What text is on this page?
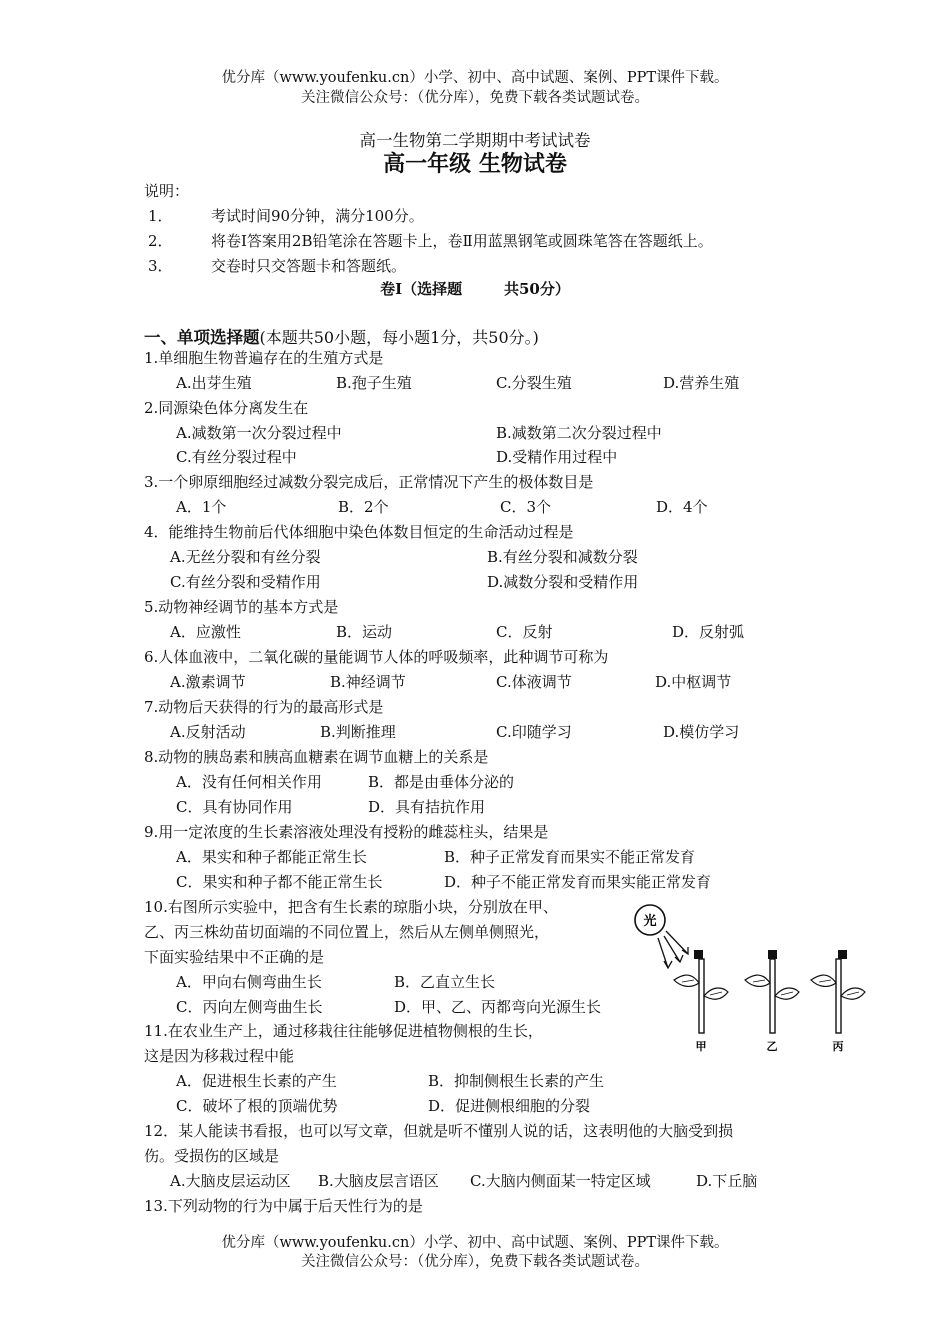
优分库（www.youfenku.cn）小学、初中、高中试题、案例、PPT课件下载。
关注微信公众号：（优分库），免费下载各类试题试卷。
高一生物第二学期期中考试试卷
高一年级 生物试卷
说明：
1．	考试时间90分钟，满分100分。
2．	将卷Ⅰ答案用2B铅笔涂在答题卡上，卷Ⅱ用蓝黑钢笔或圆珠笔答在答题纸上。
3．	交卷时只交答题卡和答题纸。
卷Ⅰ（选择题        共50分）
一、单项选择题(本题共50小题，每小题1分，共50分。)
1.单细胞生物普遍存在的生殖方式是
A.出芽生殖	B.孢子生殖	C.分裂生殖	D.营养生殖
2.同源染色体分离发生在
A.减数第一次分裂过程中	B.减数第二次分裂过程中
C.有丝分裂过程中	D.受精作用过程中
3.一个卵原细胞经过减数分裂完成后，正常情况下产生的极体数目是
A．1个	B．2个	C．3个	D．4个
4．能维持生物前后代体细胞中染色体数目恒定的生命活动过程是
A.无丝分裂和有丝分裂	B.有丝分裂和减数分裂
C.有丝分裂和受精作用	D.减数分裂和受精作用
5.动物神经调节的基本方式是
A．应激性	B．运动	C．反射	D．反射弧
6.人体血液中，二氧化碳的量能调节人体的呼吸频率，此种调节可称为
A.激素调节	B.神经调节	C.体液调节	D.中枢调节
7.动物后天获得的行为的最高形式是
A.反射活动	B.判断推理	C.印随学习	D.模仿学习
8.动物的胰岛素和胰高血糖素在调节血糖上的关系是
A．没有任何相关作用	B．都是由垂体分泌的
C．具有协同作用	D．具有拮抗作用
9.用一定浓度的生长素溶液处理没有授粉的雌蕊柱头，结果是
A．果实和种子都能正常生长	B．种子正常发育而果实不能正常发育
C．果实和种子都不能正常生长	D．种子不能正常发育而果实能正常发育
10.右图所示实验中，把含有生长素的琼脂小块，分别放在甲、
乙、丙三株幼苗切面端的不同位置上，然后从左侧单侧照光，
下面实验结果中不正确的是
A．甲向右侧弯曲生长	B．乙直立生长
C．丙向左侧弯曲生长	D．甲、乙、丙都弯向光源生长
光
甲	乙	丙
11.在农业生产上，通过移栽往往能够促进植物侧根的生长，
这是因为移栽过程中能
A．促进根生长素的产生	B．抑制侧根生长素的产生
C．破坏了根的顶端优势	D．促进侧根细胞的分裂
12．某人能读书看报，也可以写文章，但就是听不懂别人说的话，这表明他的大脑受到损
伤。受损伤的区域是
A.大脑皮层运动区 B.大脑皮层言语区 C.大脑内侧面某一特定区域	D.下丘脑
13.下列动物的行为中属于后天性行为的是
优分库（www.youfenku.cn）小学、初中、高中试题、案例、PPT课件下载。
关注微信公众号：（优分库），免费下载各类试题试卷。
